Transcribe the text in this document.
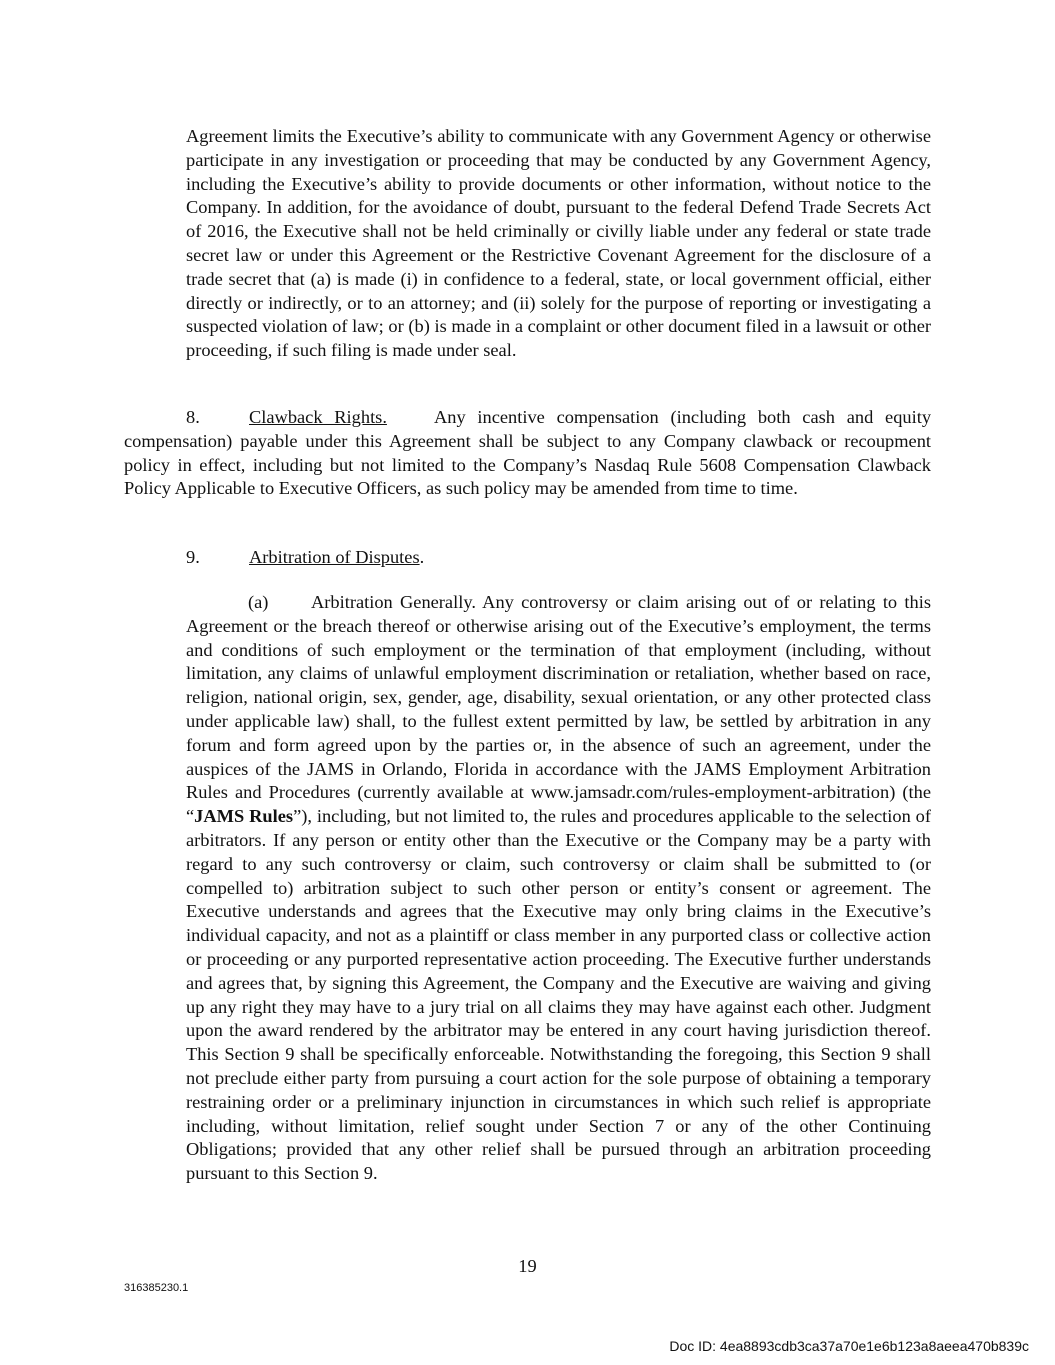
Agreement limits the Executive’s ability to communicate with any Government Agency or otherwise participate in any investigation or proceeding that may be conducted by any Government Agency, including the Executive’s ability to provide documents or other information, without notice to the Company. In addition, for the avoidance of doubt, pursuant to the federal Defend Trade Secrets Act of 2016, the Executive shall not be held criminally or civilly liable under any federal or state trade secret law or under this Agreement or the Restrictive Covenant Agreement for the disclosure of a trade secret that (a) is made (i) in confidence to a federal, state, or local government official, either directly or indirectly, or to an attorney; and (ii) solely for the purpose of reporting or investigating a suspected violation of law; or (b) is made in a complaint or other document filed in a lawsuit or other proceeding, if such filing is made under seal.

8.	Clawback Rights.	Any incentive compensation (including both cash and equity compensation) payable under this Agreement shall be subject to any Company clawback or recoupment policy in effect, including but not limited to the Company’s Nasdaq Rule 5608 Compensation Clawback Policy Applicable to Executive Officers, as such policy may be amended from time to time.

9.	Arbitration of Disputes.

(a) Arbitration Generally. Any controversy or claim arising out of or relating to this Agreement or the breach thereof or otherwise arising out of the Executive’s employment, the terms and conditions of such employment or the termination of that employment (including, without limitation, any claims of unlawful employment discrimination or retaliation, whether based on race, religion, national origin, sex, gender, age, disability, sexual orientation, or any other protected class under applicable law) shall, to the fullest extent permitted by law, be settled by arbitration in any forum and form agreed upon by the parties or, in the absence of such an agreement, under the auspices of the JAMS in Orlando, Florida in accordance with the JAMS Employment Arbitration Rules and Procedures (currently available at www.jamsadr.com/rules-employment-arbitration) (the “JAMS Rules”), including, but not limited to, the rules and procedures applicable to the selection of arbitrators. If any person or entity other than the Executive or the Company may be a party with regard to any such controversy or claim, such controversy or claim shall be submitted to (or compelled to) arbitration subject to such other person or entity’s consent or agreement. The Executive understands and agrees that the Executive may only bring claims in the Executive’s individual capacity, and not as a plaintiff or class member in any purported class or collective action or proceeding or any purported representative action proceeding. The Executive further understands and agrees that, by signing this Agreement, the Company and the Executive are waiving and giving up any right they may have to a jury trial on all claims they may have against each other. Judgment upon the award rendered by the arbitrator may be entered in any court having jurisdiction thereof. This Section 9 shall be specifically enforceable. Notwithstanding the foregoing, this Section 9 shall not preclude either party from pursuing a court action for the sole purpose of obtaining a temporary restraining order or a preliminary injunction in circumstances in which such relief is appropriate including, without limitation, relief sought under Section 7 or any of the other Continuing Obligations; provided that any other relief shall be pursued through an arbitration proceeding pursuant to this Section 9.

19
316385230.1
Doc ID: 4ea8893cdb3ca37a70e1e6b123a8aeea470b839c
